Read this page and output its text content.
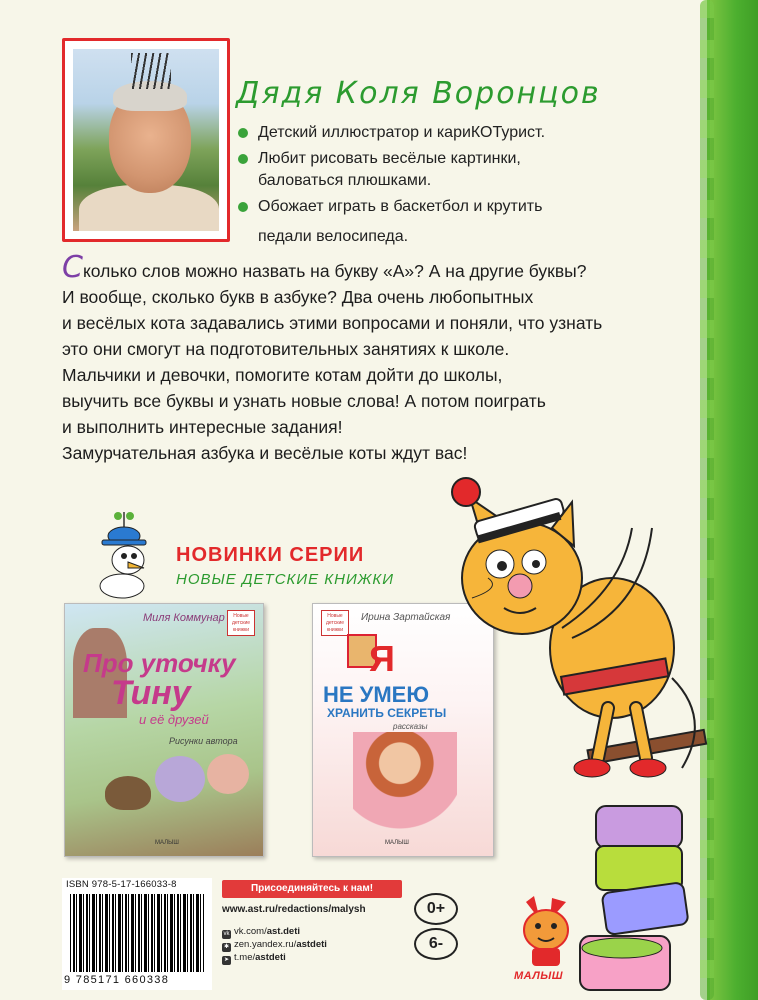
Дядя Коля Воронцов
Детский иллюстратор и кариКОТурист.
Любит рисовать весёлые картинки,
баловаться плюшками.
Обожает играть в баскетбол и крутить
педали велосипеда.

Сколько слов можно назвать на букву «А»? А на другие буквы?

И вообще, сколько букв в азбуке? Два очень любопытных

и весёлых кота задавались этими вопросами и поняли, что узнать

это они смогут на подготовительных занятиях к школе.

Мальчики и девочки, помогите котам дойти до школы,

выучить все буквы и узнать новые слова! А потом поиграть

и выполнить интересные задания!

Замурчательная азбука и весёлые коты ждут вас!

НОВИНКИ СЕРИИ
НОВЫЕ ДЕТСКИЕ КНИЖКИ
Новые детские книжки
Миля Коммунар
Про уточку
Тину
и её друзей
Рисунки автора
МАЛЫШ
Новые детские книжки
Ирина Зартайская
Я
НЕ УМЕЮ
ХРАНИТЬ СЕКРЕТЫ
рассказы
МАЛЫШ
ISBN 978-5-17-166033-8
9 785171 660338
Присоединяйтесь к нам!
www.ast.ru/redactions/malysh
vk vk.com/ast.deti
✱ zen.yandex.ru/astdeti
➤ t.me/astdeti
0+
6-
МАЛЫШ
